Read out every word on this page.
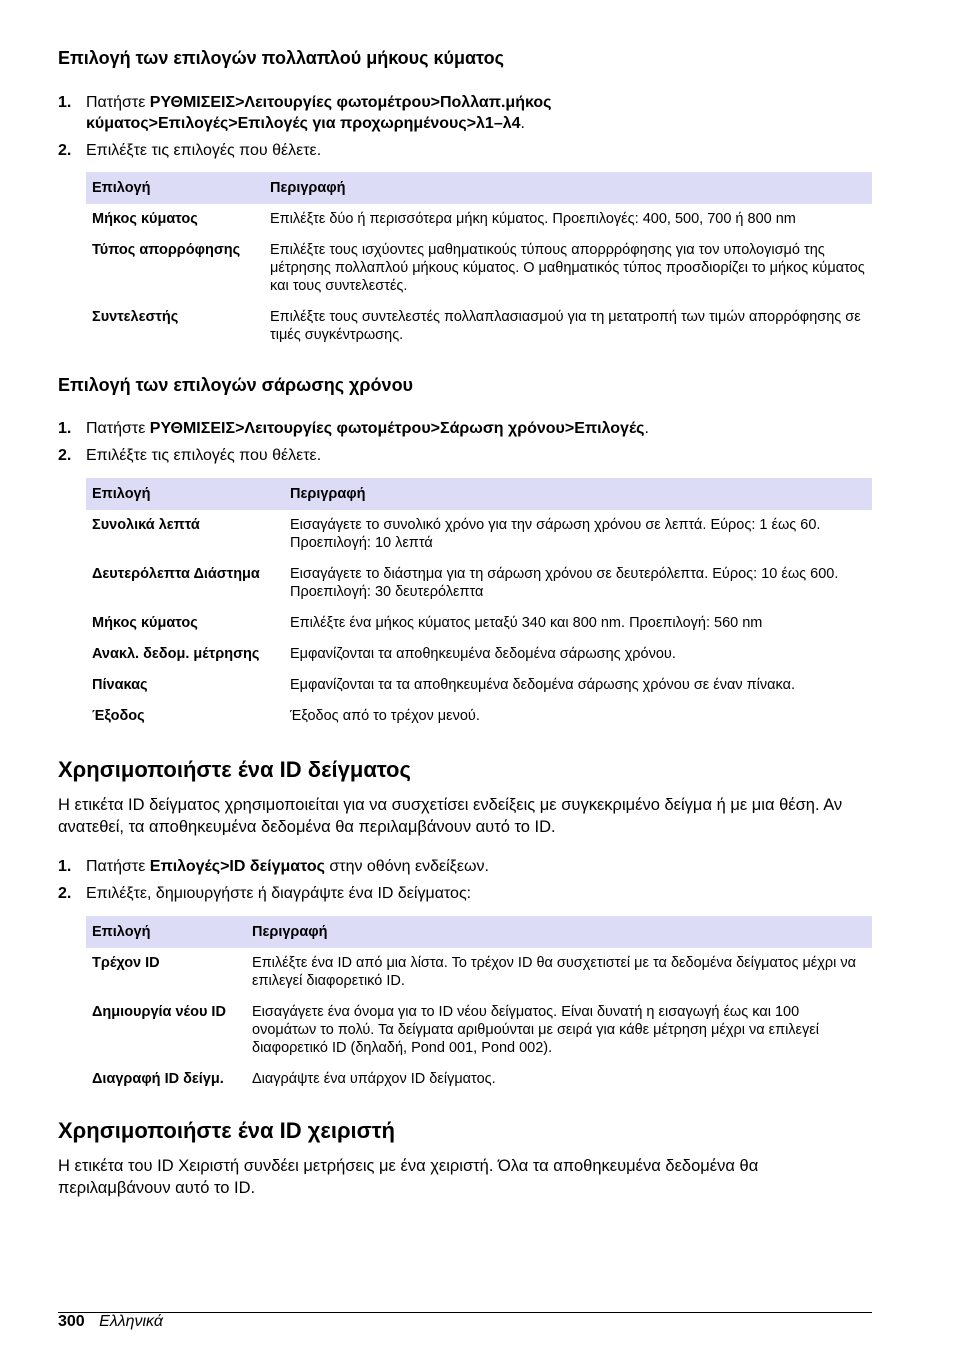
Επιλογή των επιλογών πολλαπλού μήκους κύματος
1. Πατήστε ΡΥΘΜΙΣΕΙΣ>Λειτουργίες φωτομέτρου>Πολλαπ.μήκος
κύματος>Επιλογές>Επιλογές για προχωρημένους>λ1–λ4.
2. Επιλέξτε τις επιλογές που θέλετε.
Επιλογή	Περιγραφή
Μήκος κύματος	Επιλέξτε δύο ή περισσότερα μήκη κύματος. Προεπιλογές: 400, 500, 700 ή 800 nm
Τύπος απορρόφησης	Επιλέξτε τους ισχύοντες μαθηματικούς τύπους απορρρόφησης για τον υπολογισμό της μέτρησης πολλαπλού μήκους κύματος. Ο μαθηματικός τύπος προσδιορίζει το μήκος κύματος και τους συντελεστές.
Συντελεστής	Επιλέξτε τους συντελεστές πολλαπλασιασμού για τη μετατροπή των τιμών απορρόφησης σε τιμές συγκέντρωσης.
Επιλογή των επιλογών σάρωσης χρόνου
1. Πατήστε ΡΥΘΜΙΣΕΙΣ>Λειτουργίες φωτομέτρου>Σάρωση χρόνου>Επιλογές.
2. Επιλέξτε τις επιλογές που θέλετε.
Επιλογή	Περιγραφή
Συνολικά λεπτά	Εισαγάγετε το συνολικό χρόνο για την σάρωση χρόνου σε λεπτά. Εύρος: 1 έως 60. Προεπιλογή: 10 λεπτά
Δευτερόλεπτα Διάστημα	Εισαγάγετε το διάστημα για τη σάρωση χρόνου σε δευτερόλεπτα. Εύρος: 10 έως 600. Προεπιλογή: 30 δευτερόλεπτα
Μήκος κύματος	Επιλέξτε ένα μήκος κύματος μεταξύ 340 και 800 nm. Προεπιλογή: 560 nm
Ανακλ. δεδομ. μέτρησης	Εμφανίζονται τα αποθηκευμένα δεδομένα σάρωσης χρόνου.
Πίνακας	Εμφανίζονται τα τα αποθηκευμένα δεδομένα σάρωσης χρόνου σε έναν πίνακα.
Έξοδος	Έξοδος από το τρέχον μενού.
Χρησιμοποιήστε ένα ID δείγματος
Η ετικέτα ID δείγματος χρησιμοποιείται για να συσχετίσει ενδείξεις με συγκεκριμένο δείγμα ή με μια θέση. Αν ανατεθεί, τα αποθηκευμένα δεδομένα θα περιλαμβάνουν αυτό το ID.
1. Πατήστε Επιλογές>ID δείγματος στην οθόνη ενδείξεων.
2. Επιλέξτε, δημιουργήστε ή διαγράψτε ένα ID δείγματος:
Επιλογή	Περιγραφή
Τρέχον ID	Επιλέξτε ένα ID από μια λίστα. Το τρέχον ID θα συσχετιστεί με τα δεδομένα δείγματος μέχρι να επιλεγεί διαφορετικό ID.
Δημιουργία νέου ID	Εισαγάγετε ένα όνομα για το ID νέου δείγματος. Είναι δυνατή η εισαγωγή έως και 100 ονομάτων το πολύ. Τα δείγματα αριθμούνται με σειρά για κάθε μέτρηση μέχρι να επιλεγεί διαφορετικό ID (δηλαδή, Pond 001, Pond 002).
Διαγραφή ID δείγμ.	Διαγράψτε ένα υπάρχον ID δείγματος.
Χρησιμοποιήστε ένα ID χειριστή
Η ετικέτα του ID Χειριστή συνδέει μετρήσεις με ένα χειριστή. Όλα τα αποθηκευμένα δεδομένα θα περιλαμβάνουν αυτό το ID.
300 Ελληνικά
